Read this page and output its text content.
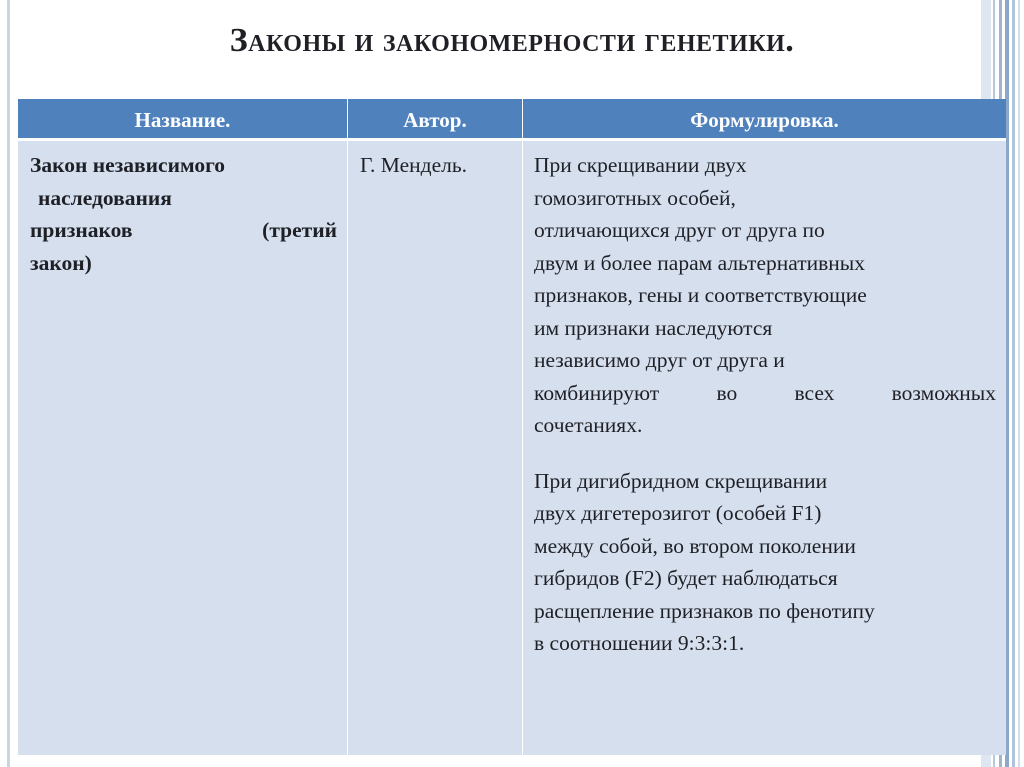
Законы и закономерности генетики.
Название.	Автор.	Формулировка.
Закон независимого
наследования
признаков (третий
закон)
Г. Мендель.	При скрещивании двух
гомозиготных особей,
отличающихся друг от друга по
двум и более парам альтернативных
признаков, гены и соответствующие
им признаки наследуются
независимо друг от друга и
комбинируют во всех возможных
сочетаниях.
При дигибридном скрещивании
двух дигетерозигот (особей F1)
между собой, во втором поколении
гибридов (F2) будет наблюдаться
расщепление признаков по фенотипу
в соотношении 9:3:3:1.
